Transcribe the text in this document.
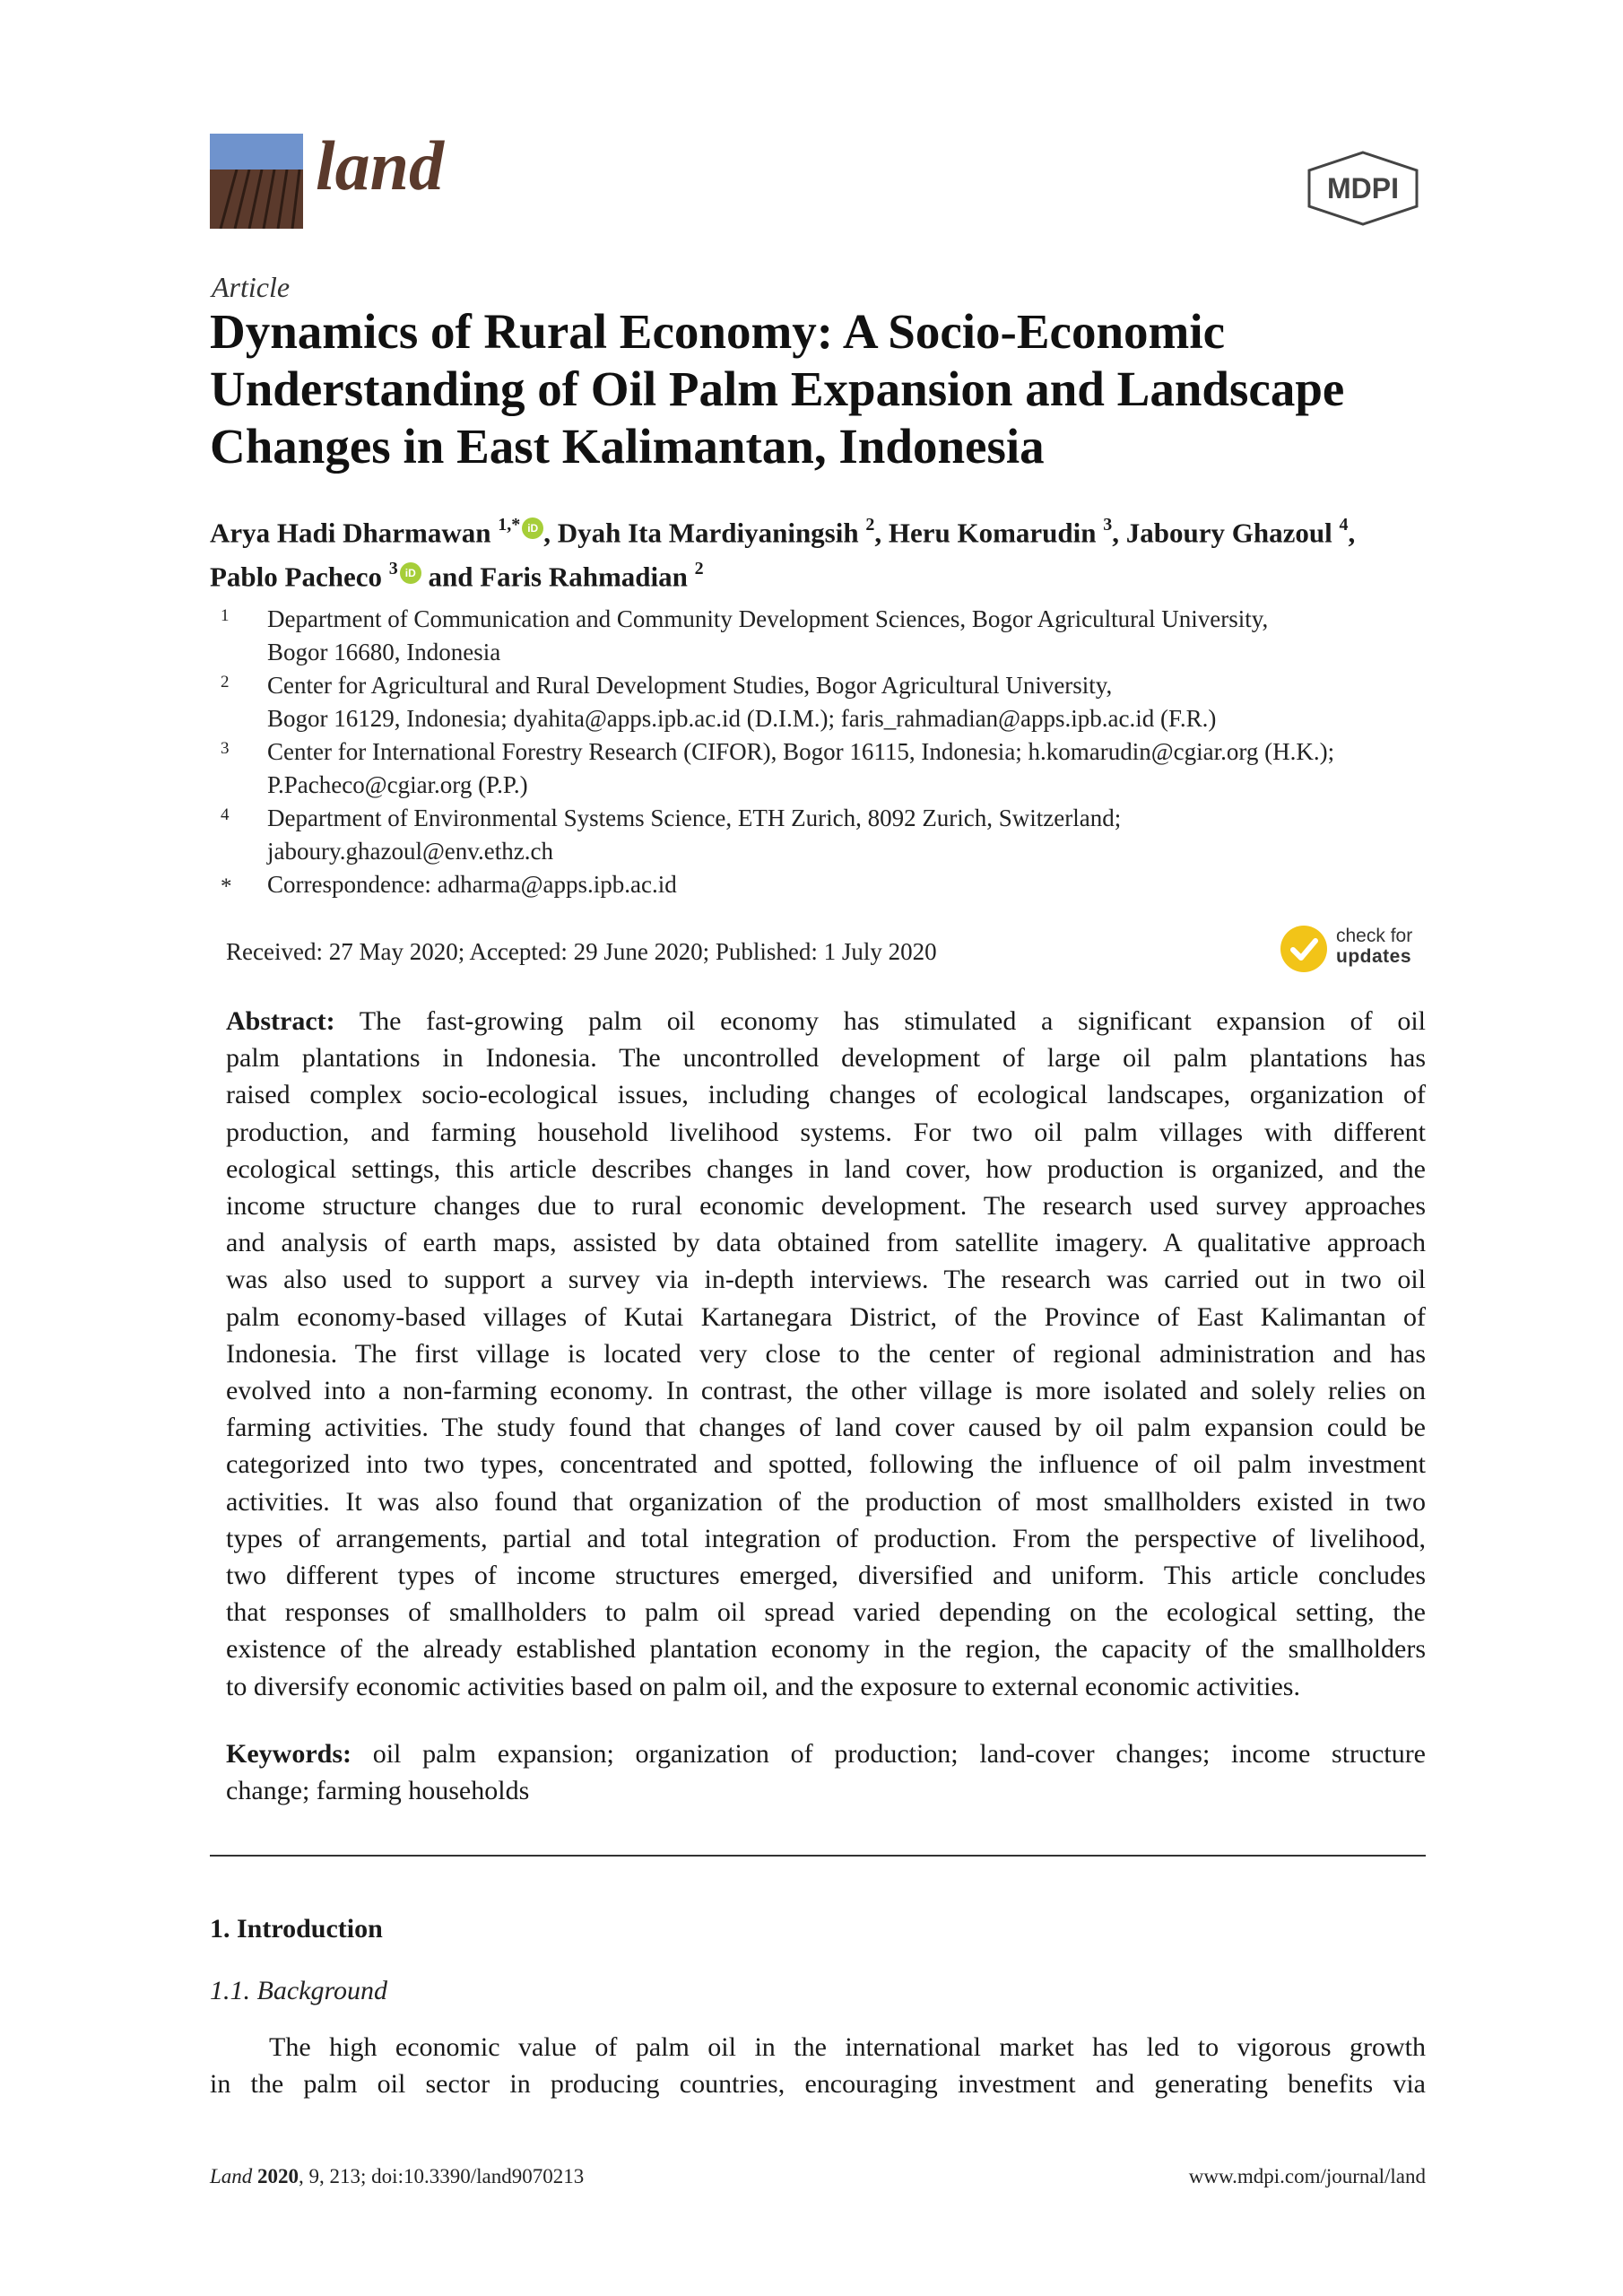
land	MDPI
Article
Dynamics of Rural Economy: A Socio-Economic
Understanding of Oil Palm Expansion and Landscape
Changes in East Kalimantan, Indonesia
Arya Hadi Dharmawan $^{1,*}$ iD , Dyah Ita Mardiyaningsih $^2$, Heru Komarudin $^3$, Jaboury Ghazoul $^4$,
Pablo Pacheco $^3$ iD and Faris Rahmadian $^2$
1 Department of Communication and Community Development Sciences, Bogor Agricultural University,
Bogor 16680, Indonesia
2 Center for Agricultural and Rural Development Studies, Bogor Agricultural University,
Bogor 16129, Indonesia; dyahita@apps.ipb.ac.id (D.I.M.); faris_rahmadian@apps.ipb.ac.id (F.R.)
3 Center for International Forestry Research (CIFOR), Bogor 16115, Indonesia; h.komarudin@cgiar.org (H.K.);
P.Pacheco@cgiar.org (P.P.)
4 Department of Environmental Systems Science, ETH Zurich, 8092 Zurich, Switzerland;
jaboury.ghazoul@env.ethz.ch
* Correspondence: adharma@apps.ipb.ac.id
Received: 27 May 2020; Accepted: 29 June 2020; Published: 1 July 2020
check for
updates
Abstract: The fast-growing palm oil economy has stimulated a significant expansion of oil
palm plantations in Indonesia. The uncontrolled development of large oil palm plantations has
raised complex socio-ecological issues, including changes of ecological landscapes, organization of
production, and farming household livelihood systems. For two oil palm villages with different
ecological settings, this article describes changes in land cover, how production is organized, and the
income structure changes due to rural economic development. The research used survey approaches
and analysis of earth maps, assisted by data obtained from satellite imagery. A qualitative approach
was also used to support a survey via in-depth interviews. The research was carried out in two oil
palm economy-based villages of Kutai Kartanegara District, of the Province of East Kalimantan of
Indonesia. The first village is located very close to the center of regional administration and has
evolved into a non-farming economy. In contrast, the other village is more isolated and solely relies on
farming activities. The study found that changes of land cover caused by oil palm expansion could be
categorized into two types, concentrated and spotted, following the influence of oil palm investment
activities. It was also found that organization of the production of most smallholders existed in two
types of arrangements, partial and total integration of production. From the perspective of livelihood,
two different types of income structures emerged, diversified and uniform. This article concludes
that responses of smallholders to palm oil spread varied depending on the ecological setting, the
existence of the already established plantation economy in the region, the capacity of the smallholders
to diversify economic activities based on palm oil, and the exposure to external economic activities.
Keywords: oil palm expansion; organization of production; land-cover changes; income structure
change; farming households
1. Introduction
1.1. Background
The high economic value of palm oil in the international market has led to vigorous growth
in the palm oil sector in producing countries, encouraging investment and generating benefits via
Land 2020, 9, 213; doi:10.3390/land9070213	www.mdpi.com/journal/land
